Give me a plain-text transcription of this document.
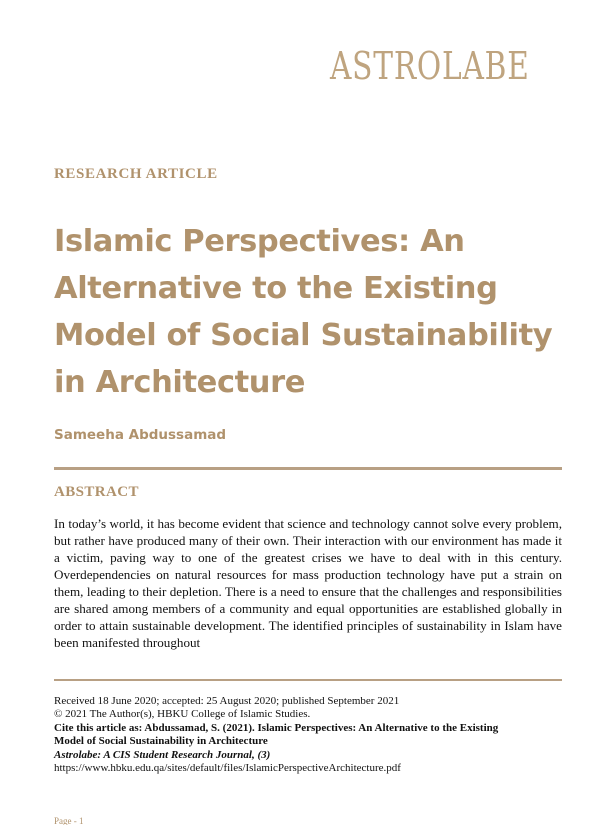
ASTROLABE
RESEARCH ARTICLE
Islamic Perspectives: An Alternative to the Existing Model of Social Sustainability in Architecture
Sameeha Abdussamad
ABSTRACT
In today’s world, it has become evident that science and technology cannot solve every problem, but rather have produced many of their own. Their interaction with our environment has made it a victim, paving way to one of the greatest crises we have to deal with in this century. Overdependencies on natural resources for mass production technology have put a strain on them, leading to their depletion. There is a need to ensure that the challenges and responsibilities are shared among members of a community and equal opportunities are established globally in order to attain sustainable development. The identified principles of sustainability in Islam have been manifested throughout
Received 18 June 2020; accepted: 25 August 2020; published September 2021
© 2021 The Author(s), HBKU College of Islamic Studies.
Cite this article as: Abdussamad, S. (2021). Islamic Perspectives: An Alternative to the Existing
Model of Social Sustainability in Architecture
Astrolabe: A CIS Student Research Journal, (3)
https://www.hbku.edu.qa/sites/default/files/IslamicPerspectiveArchitecture.pdf
Page - 1
